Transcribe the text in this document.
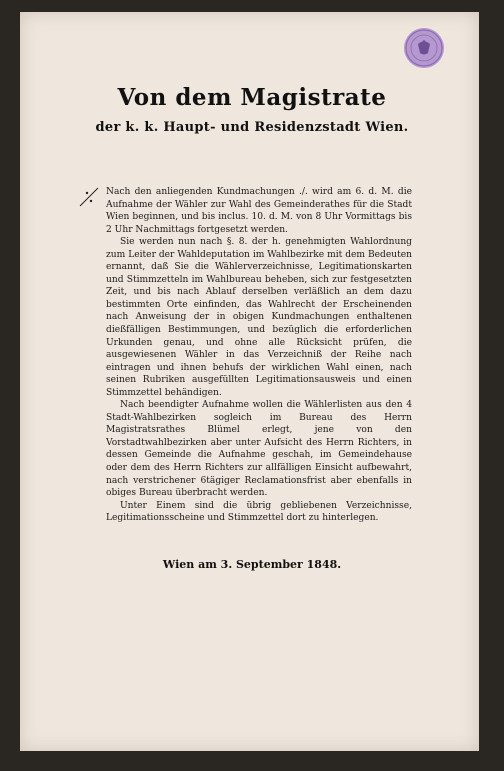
Von dem Magistrate
der k. k. Haupt- und Residenzstadt Wien.

Nach den anliegenden Kundmachungen ./. wird am 6. d. M. die Aufnahme der Wähler zur Wahl des Gemeinderathes für die Stadt Wien beginnen, und bis inclus. 10. d. M. von 8 Uhr Vormittags bis 2 Uhr Nachmittags fortgesetzt werden.

Sie werden nun nach §. 8. der h. genehmigten Wahlordnung zum Leiter der Wahldeputation im Wahlbezirke mit dem Bedeuten ernannt, daß Sie die Wählerverzeichnisse, Legitimationskarten und Stimmzetteln im Wahlbureau beheben, sich zur festgesetzten Zeit, und bis nach Ablauf derselben verläßlich an dem dazu bestimmten Orte einfinden, das Wahlrecht der Erscheinenden nach Anweisung der in obigen Kundmachungen enthaltenen dießfälligen Bestimmungen, und bezüglich die erforderlichen Urkunden genau, und ohne alle Rücksicht prüfen, die ausgewiesenen Wähler in das Verzeichniß der Reihe nach eintragen und ihnen behufs der wirklichen Wahl einen, nach seinen Rubriken ausgefüllten Legitimationsausweis und einen Stimmzettel behändigen.

Nach beendigter Aufnahme wollen die Wählerlisten aus den 4 Stadt-Wahlbezirken sogleich im Bureau des Herrn Magistratsrathes Blümel erlegt, jene von den Vorstadtwahlbezirken aber unter Aufsicht des Herrn Richters, in dessen Gemeinde die Aufnahme geschah, im Gemeindehause oder dem des Herrn Richters zur allfälligen Einsicht aufbewahrt, nach verstrichener 6tägiger Reclamationsfrist aber ebenfalls in obiges Bureau überbracht werden.

Unter Einem sind die übrig gebliebenen Verzeichnisse, Legitimationsscheine und Stimmzettel dort zu hinterlegen.

Wien am 3. September 1848.
